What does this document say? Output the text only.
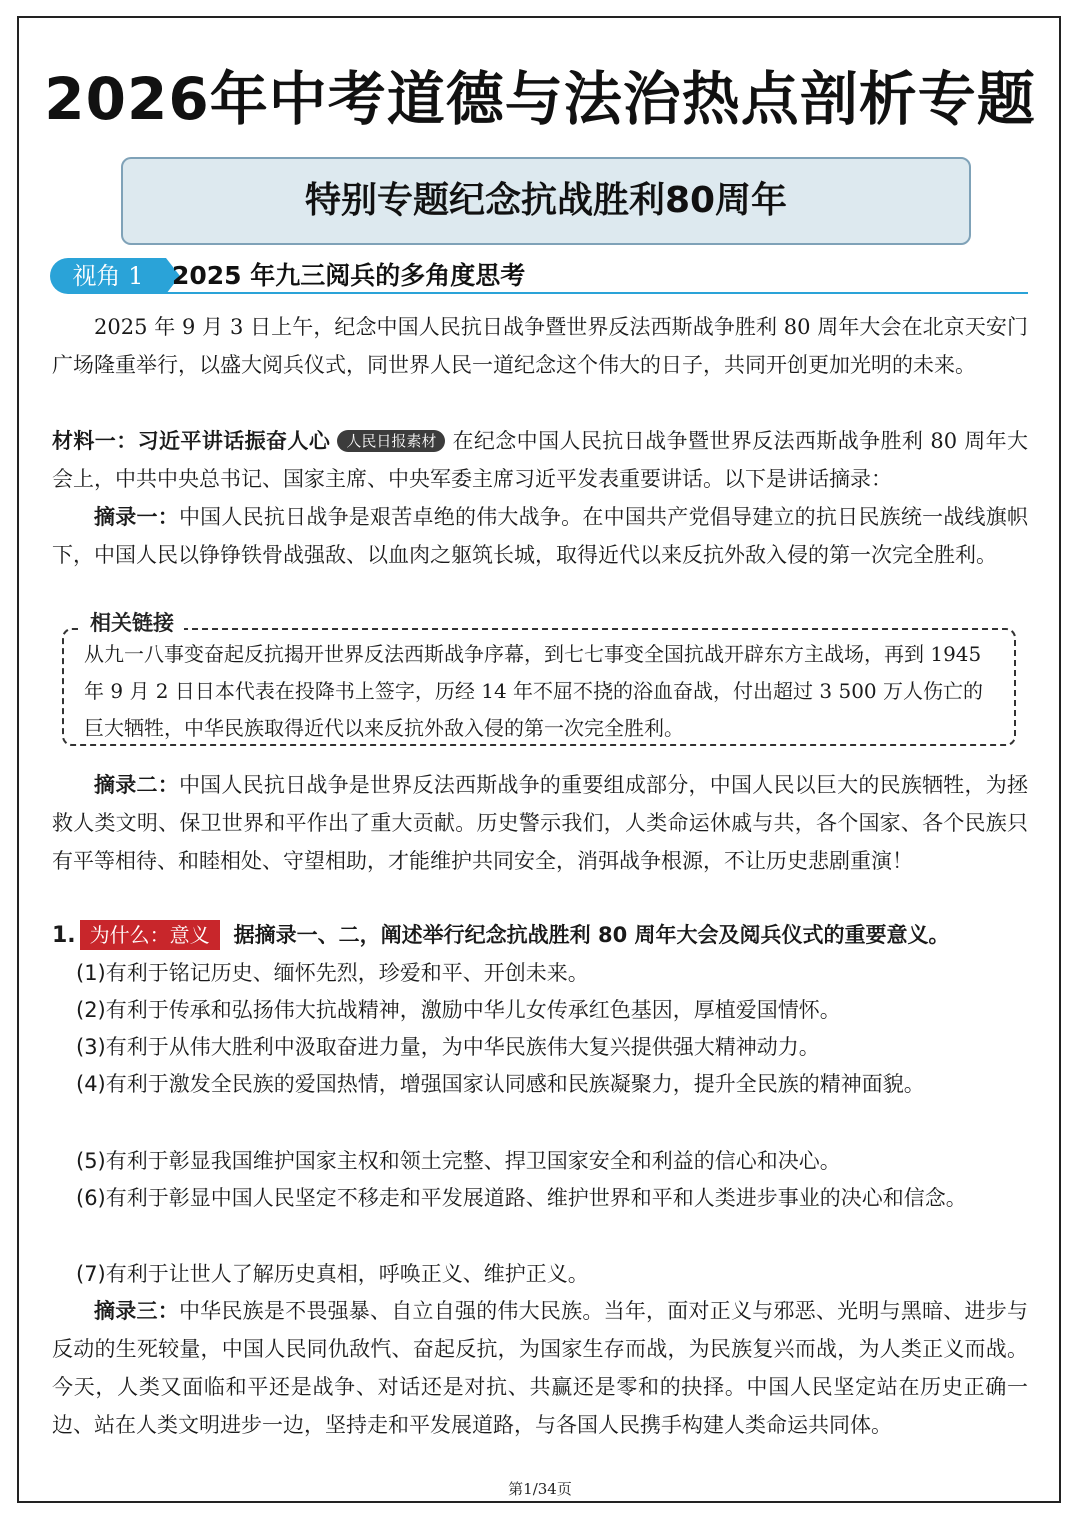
2026年中考道德与法治热点剖析专题
特别专题纪念抗战胜利80周年
视角 1	2025 年九三阅兵的多角度思考
2025 年 9 月 3 日上午，纪念中国人民抗日战争暨世界反法西斯战争胜利 80 周年大会在北京天安门广场隆重举行，以盛大阅兵仪式，同世界人民一道纪念这个伟大的日子，共同开创更加光明的未来。
材料一：习近平讲话振奋人心 人民日报素材 在纪念中国人民抗日战争暨世界反法西斯战争胜利 80 周年大会上，中共中央总书记、国家主席、中央军委主席习近平发表重要讲话。以下是讲话摘录：
摘录一：中国人民抗日战争是艰苦卓绝的伟大战争。在中国共产党倡导建立的抗日民族统一战线旗帜下，中国人民以铮铮铁骨战强敌、以血肉之躯筑长城，取得近代以来反抗外敌入侵的第一次完全胜利。
相关链接
从九一八事变奋起反抗揭开世界反法西斯战争序幕，到七七事变全国抗战开辟东方主战场，再到 1945 年 9 月 2 日日本代表在投降书上签字，历经 14 年不屈不挠的浴血奋战，付出超过 3 500 万人伤亡的巨大牺牲，中华民族取得近代以来反抗外敌入侵的第一次完全胜利。
摘录二：中国人民抗日战争是世界反法西斯战争的重要组成部分，中国人民以巨大的民族牺牲，为拯救人类文明、保卫世界和平作出了重大贡献。历史警示我们，人类命运休戚与共，各个国家、各个民族只有平等相待、和睦相处、守望相助，才能维护共同安全，消弭战争根源，不让历史悲剧重演！
1. 为什么：意义 据摘录一、二，阐述举行纪念抗战胜利 80 周年大会及阅兵仪式的重要意义。
(1)有利于铭记历史、缅怀先烈，珍爱和平、开创未来。
(2)有利于传承和弘扬伟大抗战精神，激励中华儿女传承红色基因，厚植爱国情怀。
(3)有利于从伟大胜利中汲取奋进力量，为中华民族伟大复兴提供强大精神动力。
(4)有利于激发全民族的爱国热情，增强国家认同感和民族凝聚力，提升全民族的精神面貌。
(5)有利于彰显我国维护国家主权和领土完整、捍卫国家安全和利益的信心和决心。
(6)有利于彰显中国人民坚定不移走和平发展道路、维护世界和平和人类进步事业的决心和信念。
(7)有利于让世人了解历史真相，呼唤正义、维护正义。
摘录三：中华民族是不畏强暴、自立自强的伟大民族。当年，面对正义与邪恶、光明与黑暗、进步与反动的生死较量，中国人民同仇敌忾、奋起反抗，为国家生存而战，为民族复兴而战，为人类正义而战。今天，人类又面临和平还是战争、对话还是对抗、共赢还是零和的抉择。中国人民坚定站在历史正确一边、站在人类文明进步一边，坚持走和平发展道路，与各国人民携手构建人类命运共同体。
第1/34页
